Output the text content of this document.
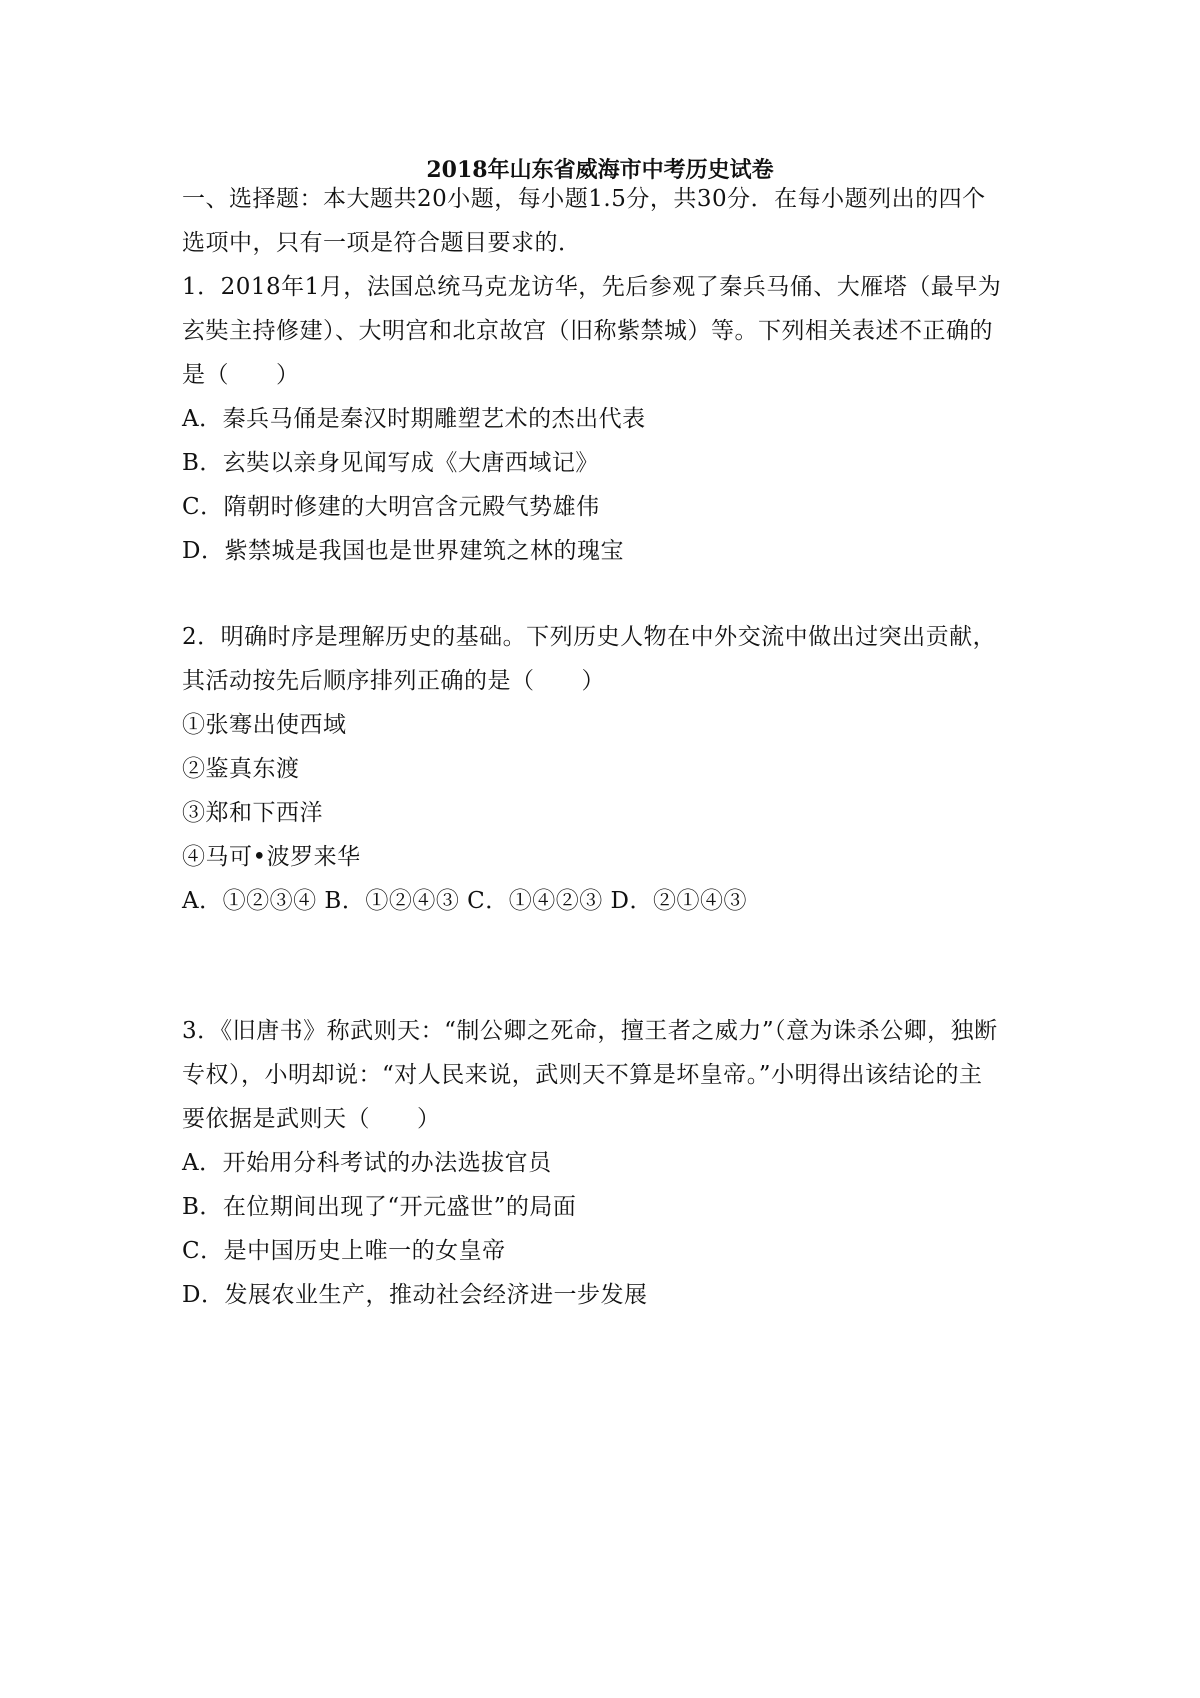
2018年山东省威海市中考历史试卷
一、选择题：本大题共20小题，每小题1.5分，共30分．在每小题列出的四个
选项中，只有一项是符合题目要求的．
1．2018年1月，法国总统马克龙访华，先后参观了秦兵马俑、大雁塔（最早为
玄奘主持修建）、大明宫和北京故宫（旧称紫禁城）等。下列相关表述不正确的
是（　　）
A．秦兵马俑是秦汉时期雕塑艺术的杰出代表
B．玄奘以亲身见闻写成《大唐西域记》
C．隋朝时修建的大明宫含元殿气势雄伟
D．紫禁城是我国也是世界建筑之林的瑰宝
2．明确时序是理解历史的基础。下列历史人物在中外交流中做出过突出贡献，
其活动按先后顺序排列正确的是（　　）
①张骞出使西域
②鉴真东渡
③郑和下西洋
④马可•波罗来华
A．①②③④ B．①②④③ C．①④②③ D．②①④③
3．《旧唐书》称武则天：“制公卿之死命，擅王者之威力”（意为诛杀公卿，独断
专权），小明却说：“对人民来说，武则天不算是坏皇帝。”小明得出该结论的主
要依据是武则天（　　）
A．开始用分科考试的办法选拔官员
B．在位期间出现了“开元盛世”的局面
C．是中国历史上唯一的女皇帝
D．发展农业生产，推动社会经济进一步发展
